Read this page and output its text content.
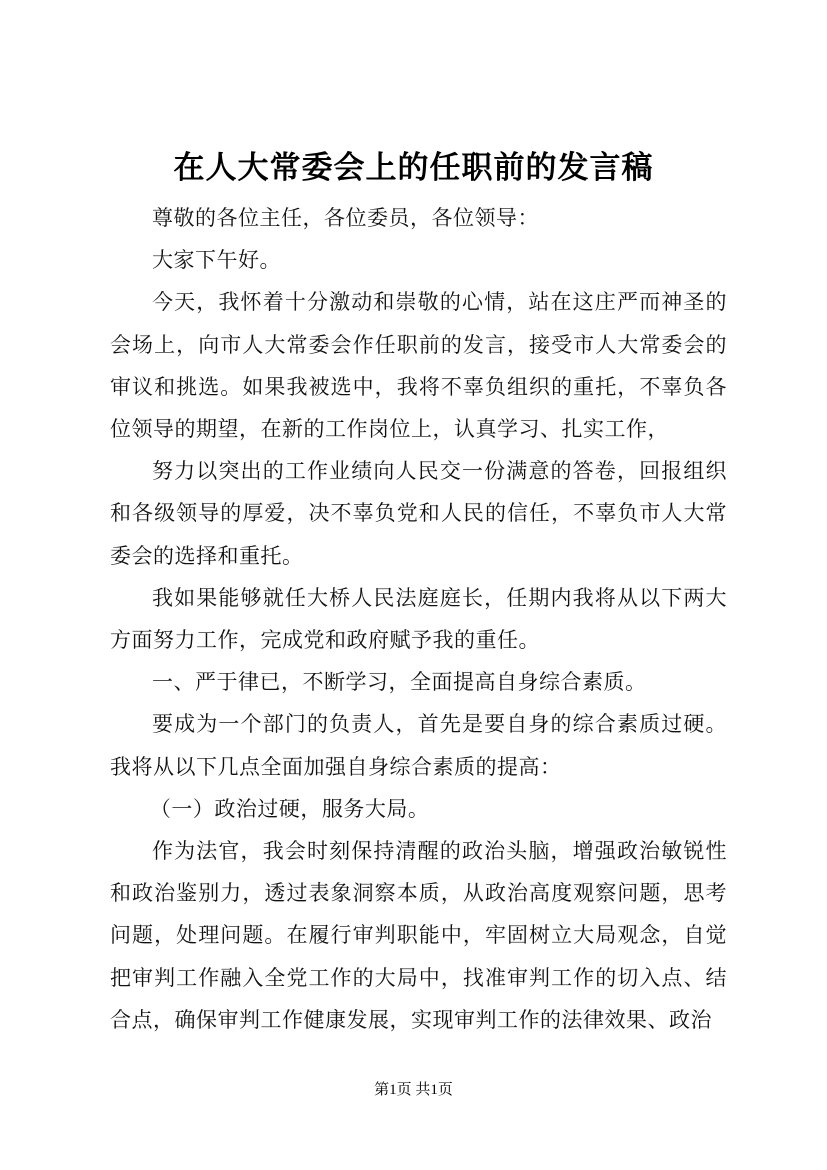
在人大常委会上的任职前的发言稿

尊敬的各位主任，各位委员，各位领导：

大家下午好。

今天，我怀着十分激动和崇敬的心情，站在这庄严而神圣的会场上，向市人大常委会作任职前的发言，接受市人大常委会的审议和挑选。如果我被选中，我将不辜负组织的重托，不辜负各位领导的期望，在新的工作岗位上，认真学习、扎实工作，

努力以突出的工作业绩向人民交一份满意的答卷，回报组织和各级领导的厚爱，决不辜负党和人民的信任，不辜负市人大常委会的选择和重托。

我如果能够就任大桥人民法庭庭长，任期内我将从以下两大方面努力工作，完成党和政府赋予我的重任。

一、严于律已，不断学习，全面提高自身综合素质。

要成为一个部门的负责人，首先是要自身的综合素质过硬。我将从以下几点全面加强自身综合素质的提高：

（一）政治过硬，服务大局。

作为法官，我会时刻保持清醒的政治头脑，增强政治敏锐性和政治鉴别力，透过表象洞察本质，从政治高度观察问题，思考问题，处理问题。在履行审判职能中，牢固树立大局观念，自觉把审判工作融入全党工作的大局中，找准审判工作的切入点、结合点，确保审判工作健康发展，实现审判工作的法律效果、政治

第1页 共1页
